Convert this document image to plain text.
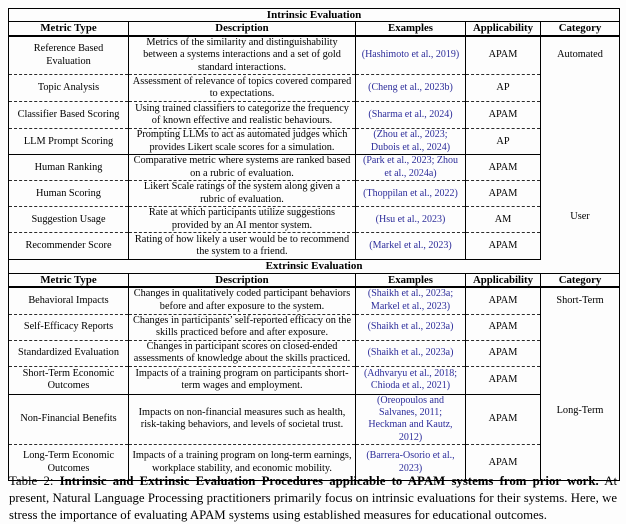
Intrinsic Evaluation				
Metric Type	Description	Examples	Applicability	Category
Reference Based Evaluation	Metrics of the similarity and distinguishability between a systems interactions and a set of gold standard interactions.	(Hashimoto et al., 2019)	APAM	Automated

Topic Analysis	Assessment of relevance of topics covered compared to expectations.	(Cheng et al., 2023b)	AP	
Classifier Based Scoring	Using trained classifiers to categorize the frequency of known effective and realistic behaviours.	(Sharma et al., 2024)	APAM	
LLM Prompt Scoring	Prompting LLMs to act as automated judges which provides Likert scale scores for a simulation.	(Zhou et al., 2023; Dubois et al., 2024)	AP	
Human Ranking	Comparative metric where systems are ranked based on a rubric of evaluation.	(Park et al., 2023; Zhou et al., 2024a)	APAM	User

Human Scoring	Likert Scale ratings of the system along given a rubric of evaluation.	(Thoppilan et al., 2022)	APAM	
Suggestion Usage	Rate at which participants utilize suggestions provided by an AI mentor system.	(Hsu et al., 2023)	AM	
Recommender Score	Rating of how likely a user would be to recommend the system to a friend.	(Markel et al., 2023)	APAM	
Extrinsic Evaluation				
Metric Type	Description	Examples	Applicability	Category
Behavioral Impacts	Changes in qualitatively coded participant behaviors before and after exposure to the system.	(Shaikh et al., 2023a; Markel et al., 2023)	APAM	Short-Term

Self-Efficacy Reports	Changes in participants’ self-reported efficacy on the skills practiced before and after exposure.	(Shaikh et al., 2023a)	APAM	
Standardized Evaluation	Changes in participant scores on closed-ended assessments of knowledge about the skills practiced.	(Shaikh et al., 2023a)	APAM	
Short-Term Economic Outcomes	Impacts of a training program on participants short-term wages and employment.	(Adhvaryu et al., 2018; Chioda et al., 2021)	APAM	
Non-Financial Benefits	Impacts on non-financial measures such as health, risk-taking behaviors, and levels of societal trust.	(Oreopoulos and Salvanes, 2011; Heckman and Kautz, 2012)	APAM	Long-Term

Long-Term Economic Outcomes	Impacts of a training program on long-term earnings, workplace stability, and economic mobility.	(Barrera-Osorio et al., 2023)	APAM	
Table 2: Intrinsic and Extrinsic Evaluation Procedures applicable to APAM systems from prior work. At present, Natural Language Processing practitioners primarily focus on intrinsic evaluations for their systems. Here, we stress the importance of evaluating APAM systems using established measures for educational outcomes.
